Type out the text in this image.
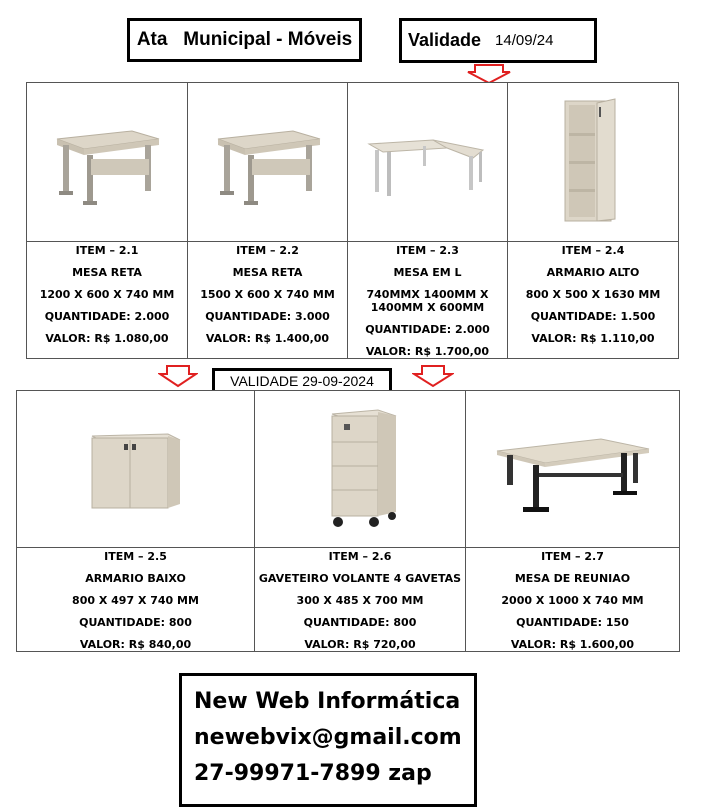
Ata   Municipal - Móveis	Validade 14/09/24
ITEM – 2.1
MESA RETA
1200 X 600 X 740 MM
QUANTIDADE: 2.000
VALOR: R$ 1.080,00
ITEM – 2.2
MESA RETA
1500 X 600 X 740 MM
QUANTIDADE: 3.000
VALOR: R$ 1.400,00
ITEM – 2.3
MESA EM L
740MMX 1400MM X
1400MM X 600MM
QUANTIDADE: 2.000
VALOR: R$ 1.700,00
ITEM – 2.4
ARMARIO ALTO
800 X 500 X 1630 MM
QUANTIDADE: 1.500
VALOR: R$ 1.110,00
VALIDADE 29-09-2024
ITEM – 2.5
ARMARIO BAIXO
800 X 497 X 740 MM
QUANTIDADE: 800
VALOR: R$ 840,00
ITEM – 2.6
GAVETEIRO VOLANTE 4 GAVETAS
300 X 485 X 700 MM
QUANTIDADE: 800
VALOR: R$ 720,00
ITEM – 2.7
MESA DE REUNIAO
2000 X 1000 X 740 MM
QUANTIDADE: 150
VALOR: R$ 1.600,00
New Web Informática
newebvix@gmail.com
27-99971-7899 zap
